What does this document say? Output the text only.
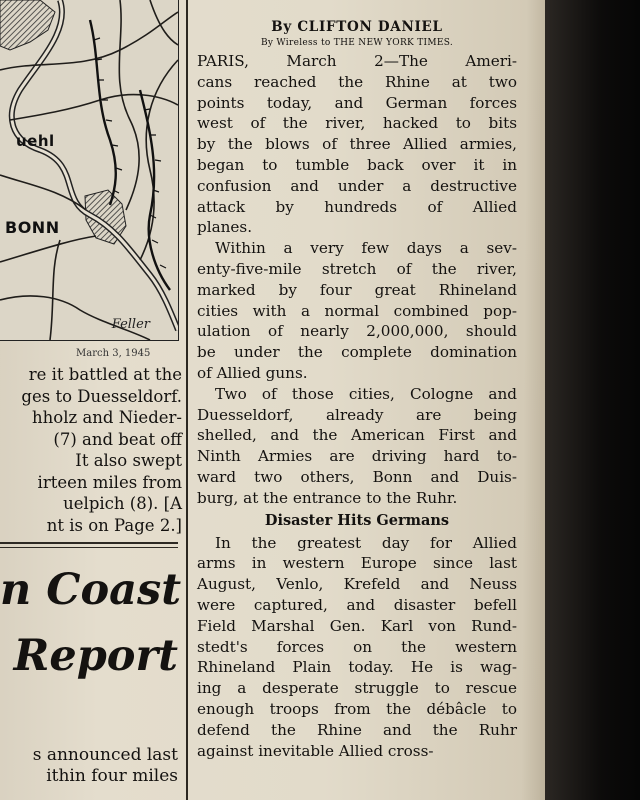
uehl
BONN
Feller
March 3, 1945
re it battled at the
ges to Duesseldorf.
hholz and Nieder-
(7) and beat off
It also swept
irteen miles from
uelpich (8). [A
nt is on Page 2.]
n Coast
Report
s announced last
ithin four miles
By CLIFTON DANIEL
By Wireless to THE NEW YORK TIMES.
PARIS, March 2—The Ameri-
cans reached the Rhine at two
points today, and German forces
west of the river, hacked to bits
by the blows of three Allied armies,
began to tumble back over it in
confusion and under a destructive
attack by hundreds of Allied
planes.
Within a very few days a sev-
enty-five-mile stretch of the river,
marked by four great Rhineland
cities with a normal combined pop-
ulation of nearly 2,000,000, should
be under the complete domination
of Allied guns.
Two of those cities, Cologne and
Duesseldorf, already are being
shelled, and the American First and
Ninth Armies are driving hard to-
ward two others, Bonn and Duis-
burg, at the entrance to the Ruhr.
Disaster Hits Germans
In the greatest day for Allied
arms in western Europe since last
August, Venlo, Krefeld and Neuss
were captured, and disaster befell
Field Marshal Gen. Karl von Rund-
stedt's forces on the western
Rhineland Plain today. He is wag-
ing a desperate struggle to rescue
enough troops from the débâcle to
defend the Rhine and the Ruhr
against inevitable Allied cross-
